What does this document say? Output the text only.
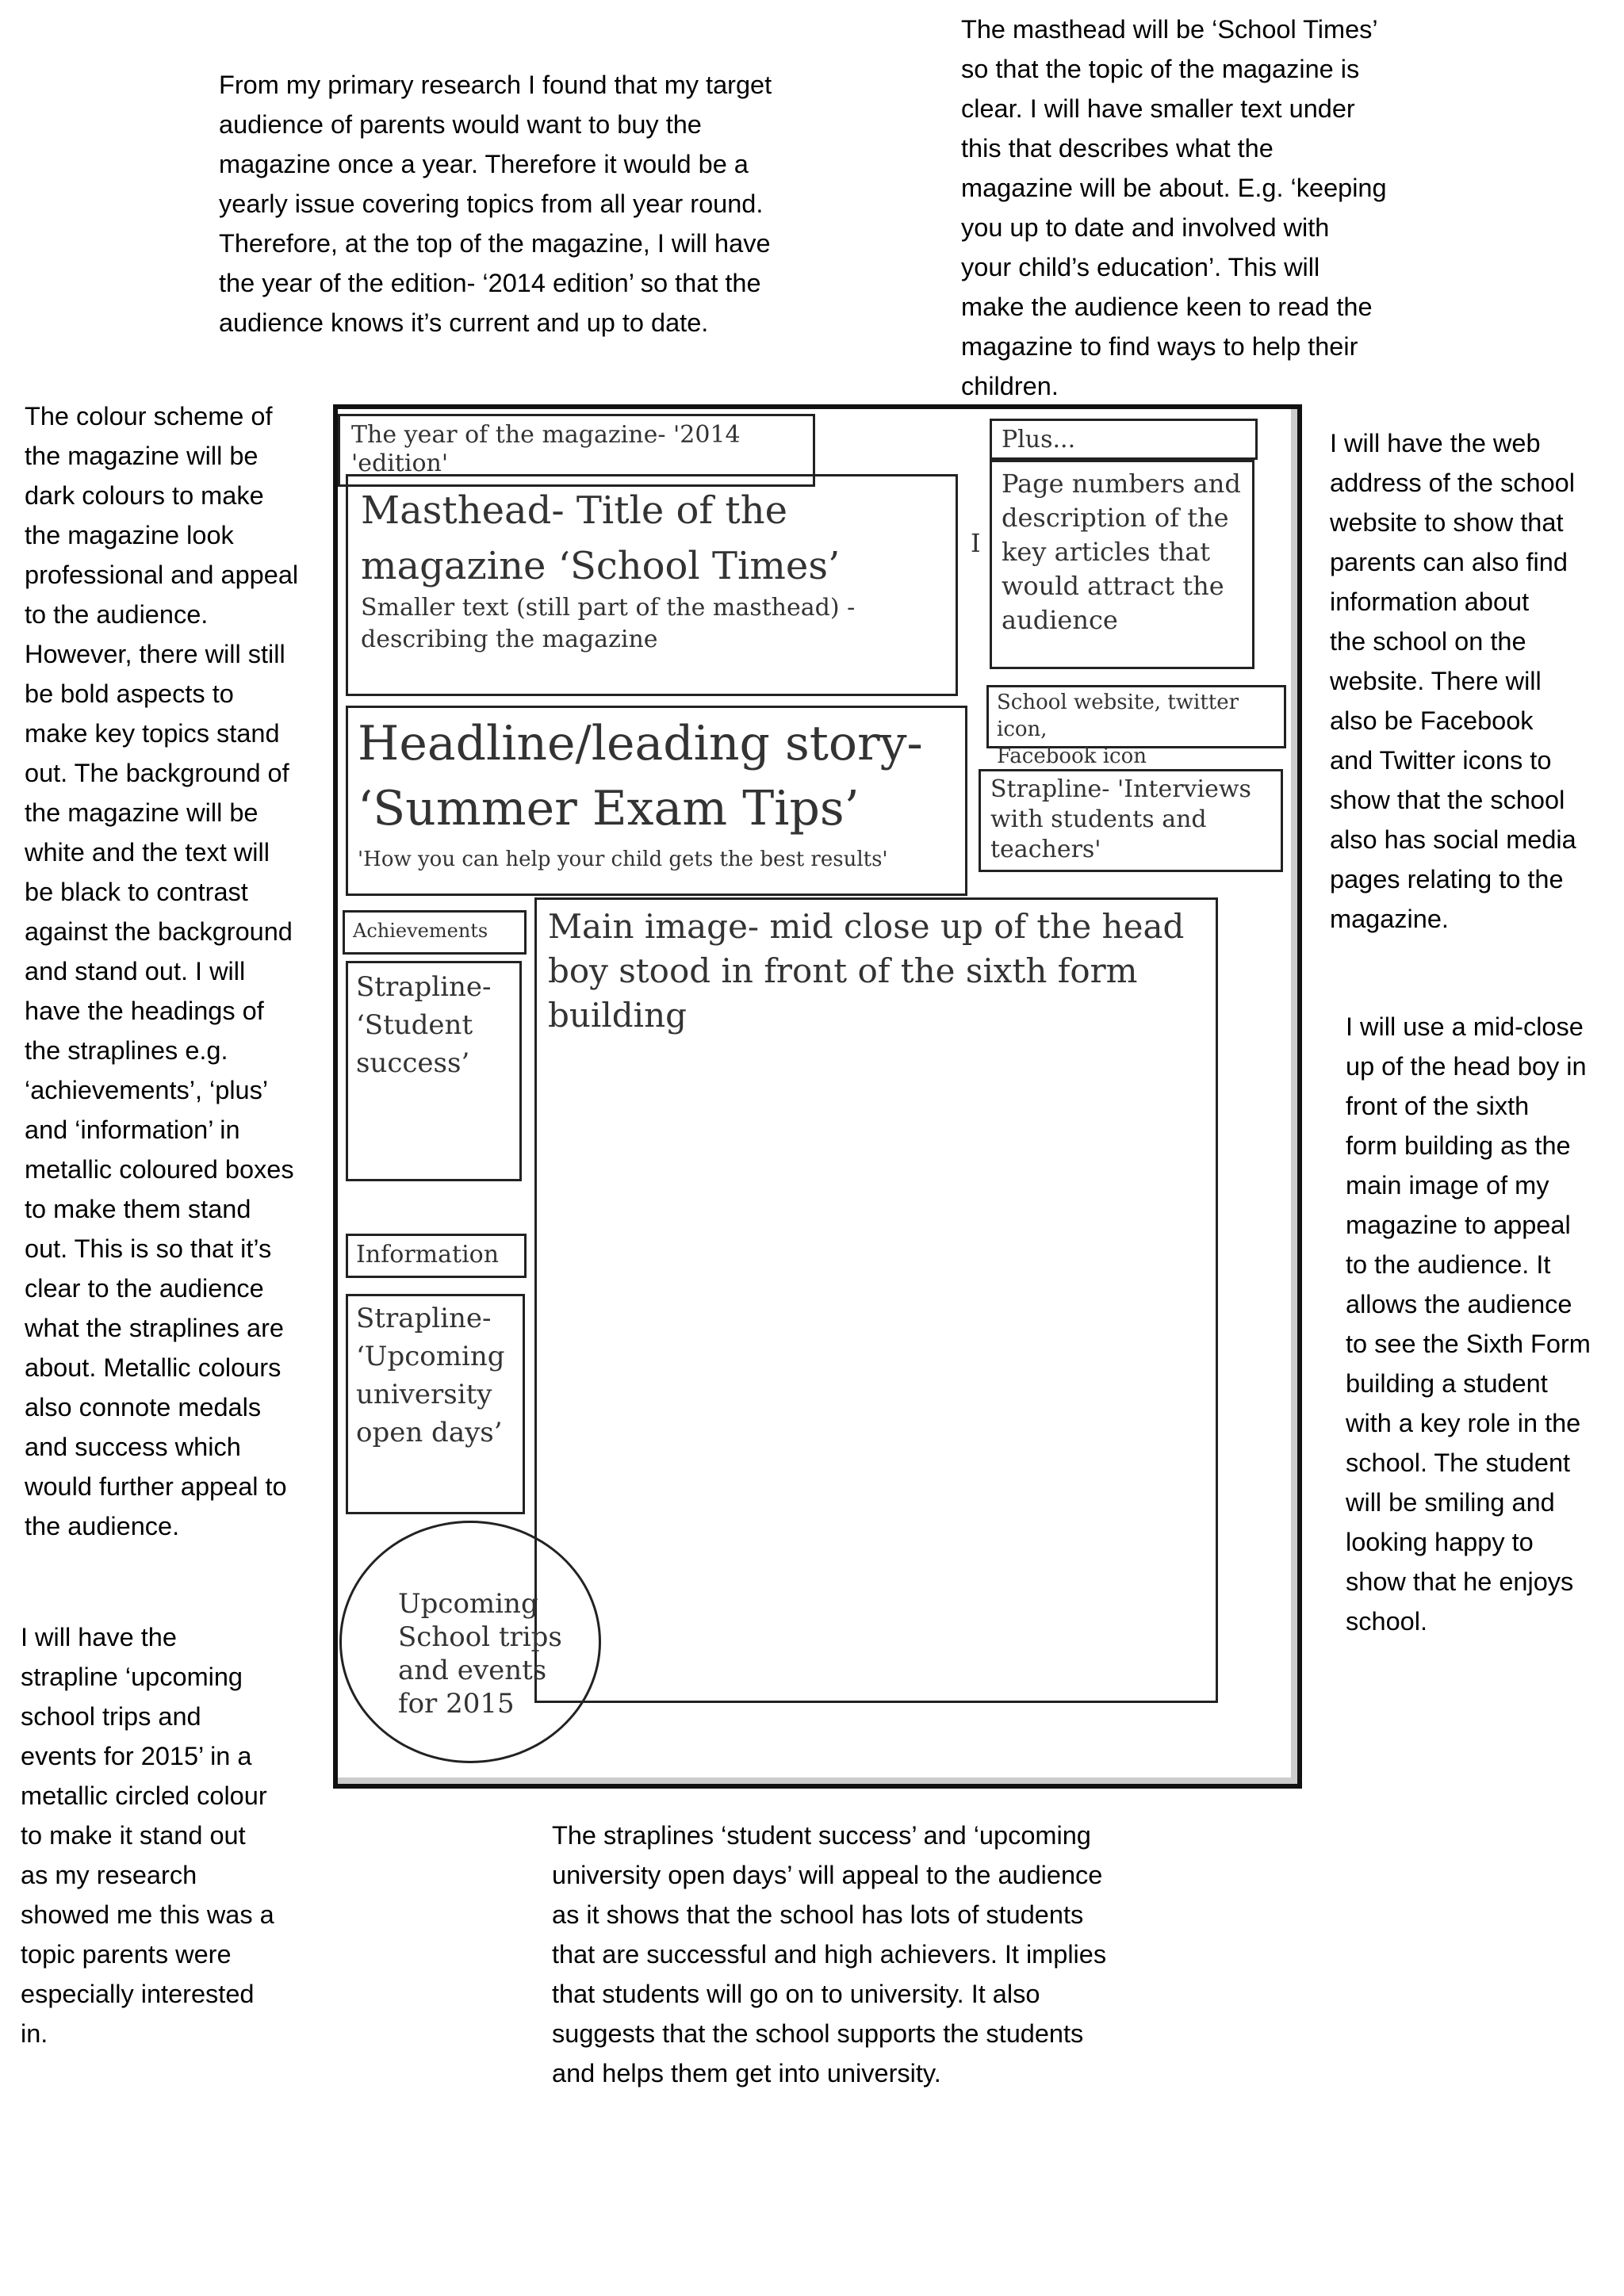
From my primary research I found that my target
audience of parents would want to buy the
magazine once a year. Therefore it would be a
yearly issue covering topics from all year round.
Therefore, at the top of the magazine, I will have
the year of the edition- ‘2014 edition’ so that the
audience knows it’s current and up to date.

The masthead will be ‘School Times’
so that the topic of the magazine is
clear. I will have smaller text under
this that describes what the
magazine will be about. E.g. ‘keeping
you up to date and involved with
your child’s education’. This will
make the audience keen to read the
magazine to find ways to help their
children.

The colour scheme of
the magazine will be
dark colours to make
the magazine look
professional and appeal
to the audience.
However, there will still
be bold aspects to
make key topics stand
out. The background of
the magazine will be
white and the text will
be black to contrast
against the background
and stand out. I will
have the headings of
the straplines e.g.
‘achievements’, ‘plus’
and ‘information’ in
metallic coloured boxes
to make them stand
out. This is so that it’s
clear to the audience
what the straplines are
about. Metallic colours
also connote medals
and success which
would further appeal to
the audience.

I will have the
strapline ‘upcoming
school trips and
events for 2015’ in a
metallic circled colour
to make it stand out
as my research
showed me this was a
topic parents were
especially interested
in.

I will have the web
address of the school
website to show that
parents can also find
information about
the school on the
website. There will
also be Facebook
and Twitter icons to
show that the school
also has social media
pages relating to the
magazine.

I will use a mid-close
up of the head boy in
front of the sixth
form building as the
main image of my
magazine to appeal
to the audience. It
allows the audience
to see the Sixth Form
building a student
with a key role in the
school. The student
will be smiling and
looking happy to
show that he enjoys
school.

The straplines ‘student success’ and ‘upcoming
university open days’ will appeal to the audience
as it shows that the school has lots of students
that are successful and high achievers. It implies
that students will go on to university. It also
suggests that the school supports the students
and helps them get into university.

The year of the magazine- '2014 'edition'

Masthead- Title of the
magazine ‘School Times’

Smaller text (still part of the masthead) -
describing the magazine

Plus...

Page numbers and
description of the
key articles that
would attract the
audience

I

School website, twitter icon,
Facebook icon

Headline/leading story-
‘Summer Exam Tips’

'How you can help your child gets the best results'

Strapline- 'Interviews
with students and
teachers'

Achievements

Strapline-
‘Student
success’

Main image- mid close up of the head
boy stood in front of the sixth form
building

Information

Strapline-
‘Upcoming
university
open days’

Upcoming
School trips
and events
for 2015
